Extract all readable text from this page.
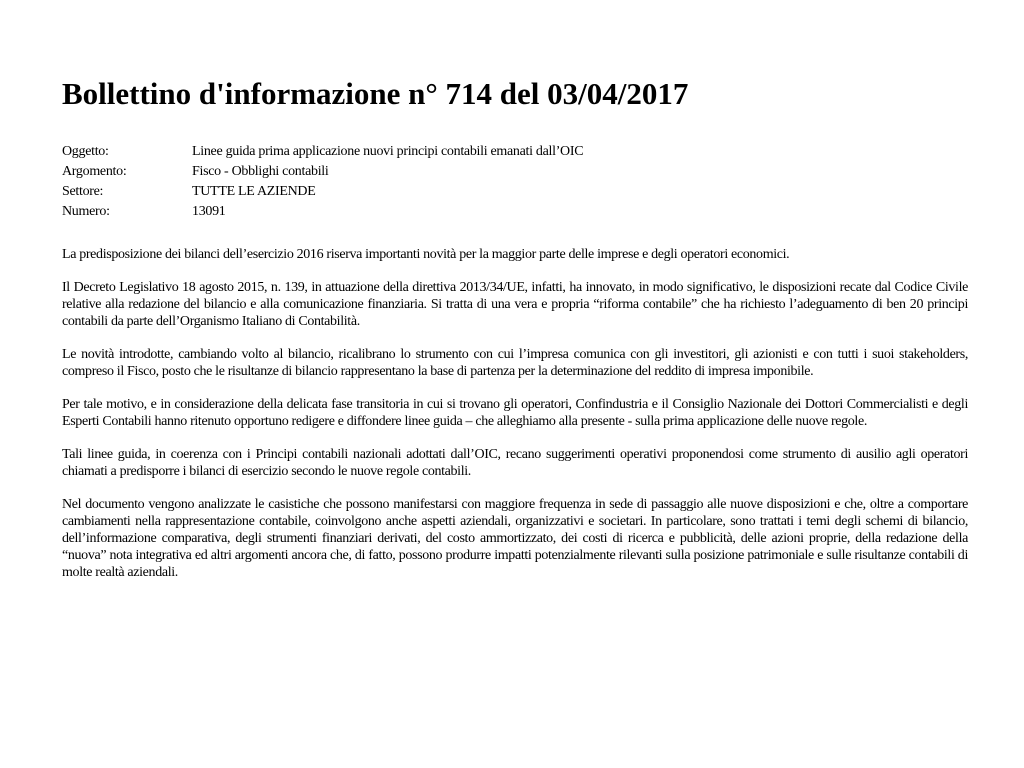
Bollettino d'informazione n° 714 del 03/04/2017
Oggetto:	Linee guida prima applicazione nuovi principi contabili emanati dall’OIC
Argomento:	Fisco - Obblighi contabili
Settore:	TUTTE LE AZIENDE
Numero:	13091

La predisposizione dei bilanci dell’esercizio 2016 riserva importanti novità per la maggior parte delle imprese e degli operatori economici.

Il Decreto Legislativo 18 agosto 2015, n. 139, in attuazione della direttiva 2013/34/UE, infatti, ha innovato, in modo significativo, le disposizioni recate dal Codice Civile relative alla redazione del bilancio e alla comunicazione finanziaria. Si tratta di una vera e propria “riforma contabile” che ha richiesto l’adeguamento di ben 20 principi contabili da parte dell’Organismo Italiano di Contabilità.

Le novità introdotte, cambiando volto al bilancio, ricalibrano lo strumento con cui l’impresa comunica con gli investitori, gli azionisti e con tutti i suoi stakeholders, compreso il Fisco, posto che le risultanze di bilancio rappresentano la base di partenza per la determinazione del reddito di impresa imponibile.

Per tale motivo, e in considerazione della delicata fase transitoria in cui si trovano gli operatori, Confindustria e il Consiglio Nazionale dei Dottori Commercialisti e degli Esperti Contabili hanno ritenuto opportuno redigere e diffondere linee guida – che alleghiamo alla presente - sulla prima applicazione delle nuove regole.

Tali linee guida, in coerenza con i Principi contabili nazionali adottati dall’OIC, recano suggerimenti operativi proponendosi come strumento di ausilio agli operatori chiamati a predisporre i bilanci di esercizio secondo le nuove regole contabili.

Nel documento vengono analizzate le casistiche che possono manifestarsi con maggiore frequenza in sede di passaggio alle nuove disposizioni e che, oltre a comportare cambiamenti nella rappresentazione contabile, coinvolgono anche aspetti aziendali, organizzativi e societari. In particolare, sono trattati i temi degli schemi di bilancio, dell’informazione comparativa, degli strumenti finanziari derivati, del costo ammortizzato, dei costi di ricerca e pubblicità, delle azioni proprie, della redazione della “nuova” nota integrativa ed altri argomenti ancora che, di fatto, possono produrre impatti potenzialmente rilevanti sulla posizione patrimoniale e sulle risultanze contabili di molte realtà aziendali.
